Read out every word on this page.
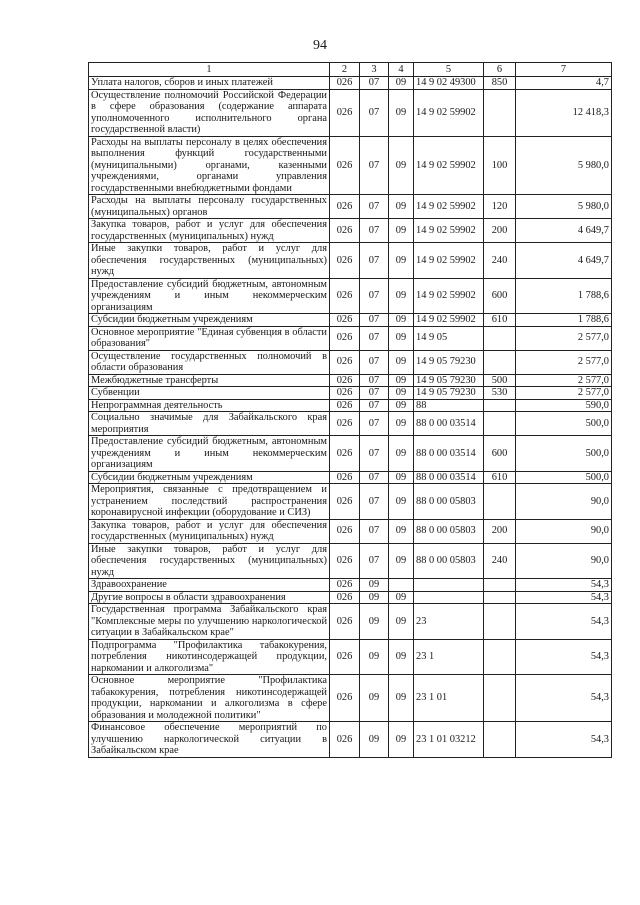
94
1	2	3	4	5	6	7
Уплата налогов, сборов и иных платежей	026	07	09	14 9 02 49300	850	4,7
Осуществление полномочий Российской Федерации в сфере образования (содержание аппарата уполномоченного исполнительного органа государственной власти)	026	07	09	14 9 02 59902		12 418,3
Расходы на выплаты персоналу в целях обеспечения выполнения функций государственными (муниципальными) органами, казенными учреждениями, органами управления государственными внебюджетными фондами	026	07	09	14 9 02 59902	100	5 980,0
Расходы на выплаты персоналу государственных (муниципальных) органов	026	07	09	14 9 02 59902	120	5 980,0
Закупка товаров, работ и услуг для обеспечения государственных (муниципальных) нужд	026	07	09	14 9 02 59902	200	4 649,7
Иные закупки товаров, работ и услуг для обеспечения государственных (муниципальных) нужд	026	07	09	14 9 02 59902	240	4 649,7
Предоставление субсидий бюджетным, автономным учреждениям и иным некоммерческим организациям	026	07	09	14 9 02 59902	600	1 788,6
Субсидии бюджетным учреждениям	026	07	09	14 9 02 59902	610	1 788,6
Основное мероприятие "Единая субвенция в области образования"	026	07	09	14 9 05		2 577,0
Осуществление государственных полномочий в области образования	026	07	09	14 9 05 79230		2 577,0
Межбюджетные трансферты	026	07	09	14 9 05 79230	500	2 577,0
Субвенции	026	07	09	14 9 05 79230	530	2 577,0
Непрограммная деятельность	026	07	09	88		590,0
Социально значимые для Забайкальского края мероприятия	026	07	09	88 0 00 03514		500,0
Предоставление субсидий бюджетным, автономным учреждениям и иным некоммерческим организациям	026	07	09	88 0 00 03514	600	500,0
Субсидии бюджетным учреждениям	026	07	09	88 0 00 03514	610	500,0
Мероприятия, связанные с предотвращением и устранением последствий распространения коронавирусной инфекции (оборудование и СИЗ)	026	07	09	88 0 00 05803		90,0
Закупка товаров, работ и услуг для обеспечения государственных (муниципальных) нужд	026	07	09	88 0 00 05803	200	90,0
Иные закупки товаров, работ и услуг для обеспечения государственных (муниципальных) нужд	026	07	09	88 0 00 05803	240	90,0
Здравоохранение	026	09				54,3
Другие вопросы в области здравоохранения	026	09	09			54,3
Государственная программа Забайкальского края "Комплексные меры по улучшению наркологической ситуации в Забайкальском крае"	026	09	09	23		54,3
Подпрограмма "Профилактика табакокурения, потребления никотинсодержащей продукции, наркомании и алкоголизма"	026	09	09	23 1		54,3
Основное мероприятие "Профилактика табакокурения, потребления никотинсодержащей продукции, наркомании и алкоголизма в сфере образования и молодежной политики"	026	09	09	23 1 01		54,3
Финансовое обеспечение мероприятий по улучшению наркологической ситуации в Забайкальском крае	026	09	09	23 1 01 03212		54,3
